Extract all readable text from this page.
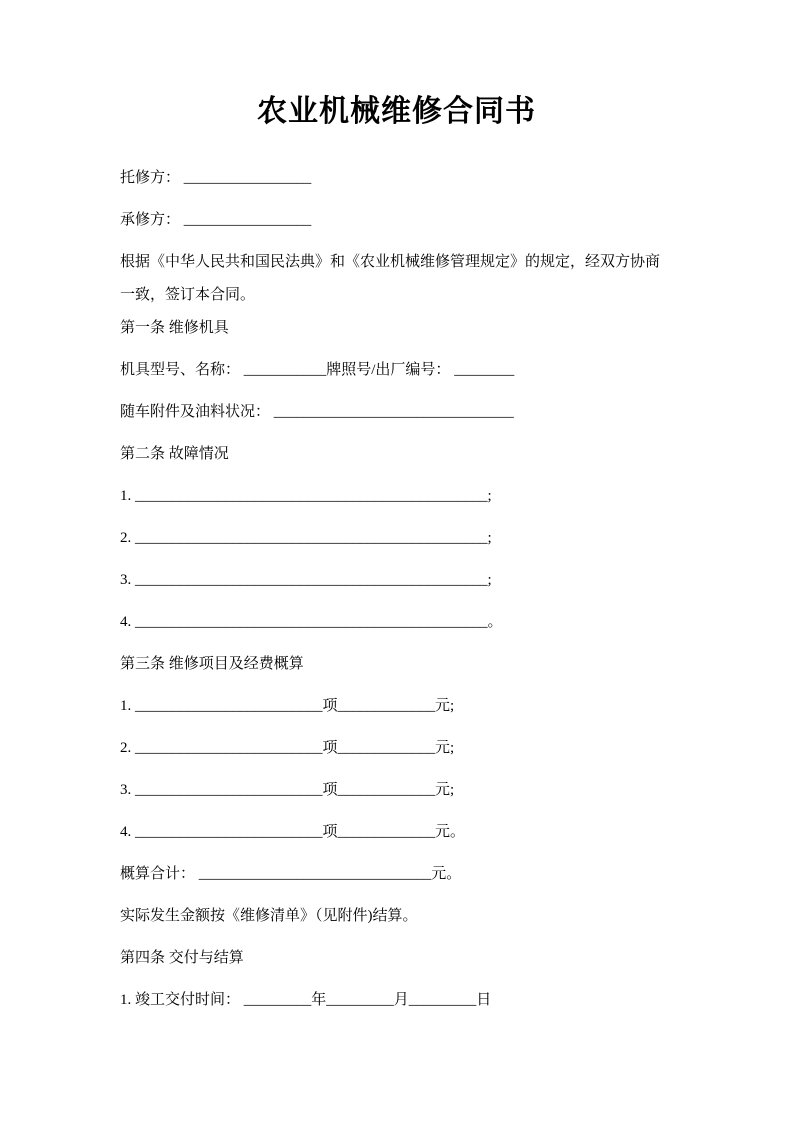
农业机械维修合同书

托修方： _________________

承修方： _________________

根据《中华人民共和国民法典》和《农业机械维修管理规定》的规定，经双方协商一致，签订本合同。

第一条 维修机具

机具型号、名称： ___________牌照号/出厂编号： ________

随车附件及油料状况： ________________________________

第二条 故障情况

1. _______________________________________________;

2. _______________________________________________;

3. _______________________________________________;

4. _______________________________________________。

第三条 维修项目及经费概算

1. _________________________项_____________元;

2. _________________________项_____________元;

3. _________________________项_____________元;

4. _________________________项_____________元。

概算合计： _______________________________元。

实际发生金额按《维修清单》（见附件)结算。

第四条 交付与结算

1. 竣工交付时间： _________年_________月_________日
